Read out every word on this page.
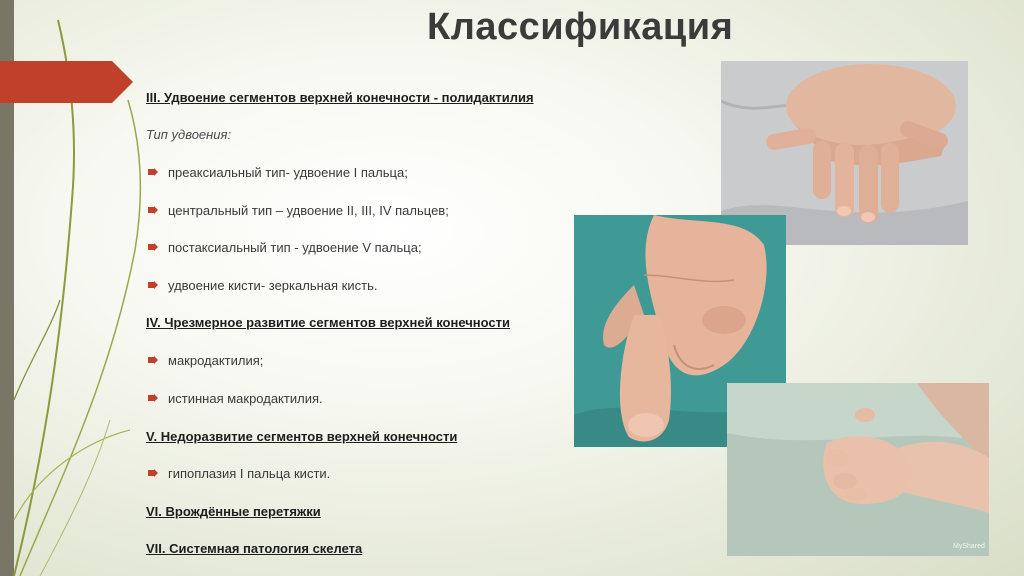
Классификация
III. Удвоение сегментов верхней конечности - полидактилия
Тип удвоения:
преаксиальный тип- удвоение I пальца;
центральный тип – удвоение II, III, IV пальцев;
постаксиальный тип - удвоение V пальца;
удвоение кисти- зеркальная кисть.
IV. Чрезмерное развитие сегментов верхней конечности
макродактилия;
истинная макродактилия.
V. Недоразвитие сегментов верхней конечности
гипоплазия I пальца кисти.
VI. Врождённые перетяжки
VII. Системная патология скелета	MyShared
